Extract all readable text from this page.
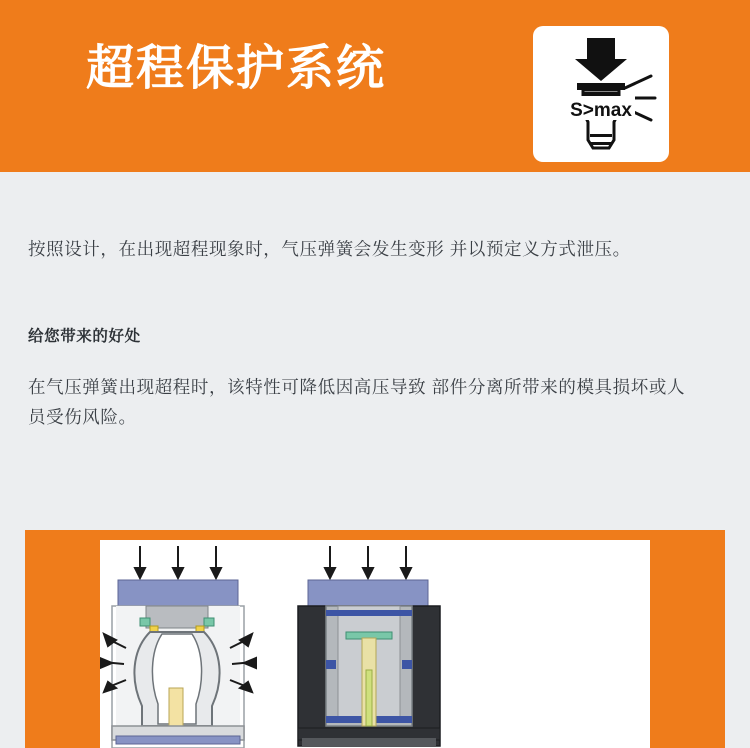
超程保护系统
S>max
按照设计，在出现超程现象时，气压弹簧会发生变形 并以预定义方式泄压。
给您带来的好处
在气压弹簧出现超程时，该特性可降低因高压导致 部件分离所带来的模具损坏或人员受伤风险。
